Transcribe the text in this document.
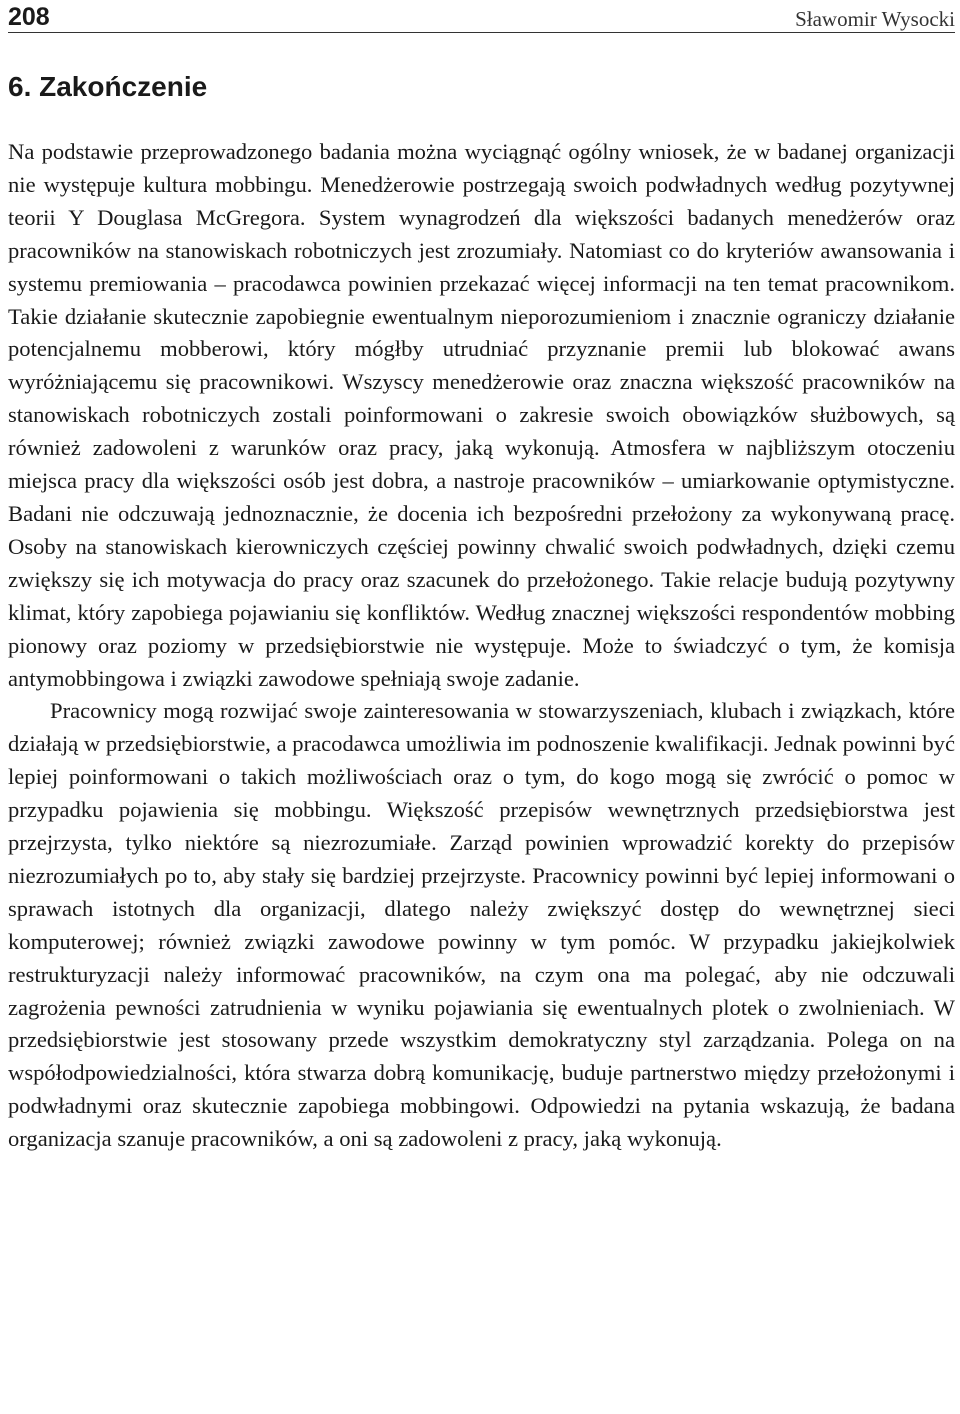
208	Sławomir Wysocki
6. Zakończenie

Na podstawie przeprowadzonego badania można wyciągnąć ogólny wniosek, że w badanej organizacji nie występuje kultura mobbingu. Menedżerowie postrzegają swoich podwładnych według pozytywnej teorii Y Douglasa McGregora. System wynagrodzeń dla większości badanych menedżerów oraz pracowników na stanowiskach robotniczych jest zrozumiały. Natomiast co do kryteriów awansowania i systemu premiowania – pracodawca powinien przekazać więcej informacji na ten temat pracownikom. Takie działanie skutecznie zapobiegnie ewentualnym nieporozumieniom i znacznie ograniczy działanie potencjalnemu mobberowi, który mógłby utrudniać przyznanie premii lub blokować awans wyróżniającemu się pracownikowi. Wszyscy menedżerowie oraz znaczna większość pracowników na stanowiskach robotniczych zostali poinformowani o zakresie swoich obowiązków służbowych, są również zadowoleni z warunków oraz pracy, jaką wykonują. Atmosfera w najbliższym otoczeniu miejsca pracy dla większości osób jest dobra, a nastroje pracowników – umiarkowanie optymistyczne. Badani nie odczuwają jednoznacznie, że docenia ich bezpośredni przełożony za wykonywaną pracę. Osoby na stanowiskach kierowniczych częściej powinny chwalić swoich podwładnych, dzięki czemu zwiększy się ich motywacja do pracy oraz szacunek do przełożonego. Takie relacje budują pozytywny klimat, który zapobiega pojawianiu się konfliktów. Według znacznej większości respondentów mobbing pionowy oraz poziomy w przedsiębiorstwie nie występuje. Może to świadczyć o tym, że komisja antymobbingowa i związki zawodowe spełniają swoje zadanie.

Pracownicy mogą rozwijać swoje zainteresowania w stowarzyszeniach, klubach i związkach, które działają w przedsiębiorstwie, a pracodawca umożliwia im podnoszenie kwalifikacji. Jednak powinni być lepiej poinformowani o takich możliwościach oraz o tym, do kogo mogą się zwrócić o pomoc w przypadku pojawienia się mobbingu. Większość przepisów wewnętrznych przedsiębiorstwa jest przejrzysta, tylko niektóre są niezrozumiałe. Zarząd powinien wprowadzić korekty do przepisów niezrozumiałych po to, aby stały się bardziej przejrzyste. Pracownicy powinni być lepiej informowani o sprawach istotnych dla organizacji, dlatego należy zwiększyć dostęp do wewnętrznej sieci komputerowej; również związki zawodowe powinny w tym pomóc. W przypadku jakiejkolwiek restrukturyzacji należy informować pracowników, na czym ona ma polegać, aby nie odczuwali zagrożenia pewności zatrudnienia w wyniku pojawiania się ewentualnych plotek o zwolnieniach. W przedsiębiorstwie jest stosowany przede wszystkim demokratyczny styl zarządzania. Polega on na współodpowiedzialności, która stwarza dobrą komunikację, buduje partnerstwo między przełożonymi i podwładnymi oraz skutecznie zapobiega mobbingowi. Odpowiedzi na pytania wskazują, że badana organizacja szanuje pracowników, a oni są zadowoleni z pracy, jaką wykonują.
